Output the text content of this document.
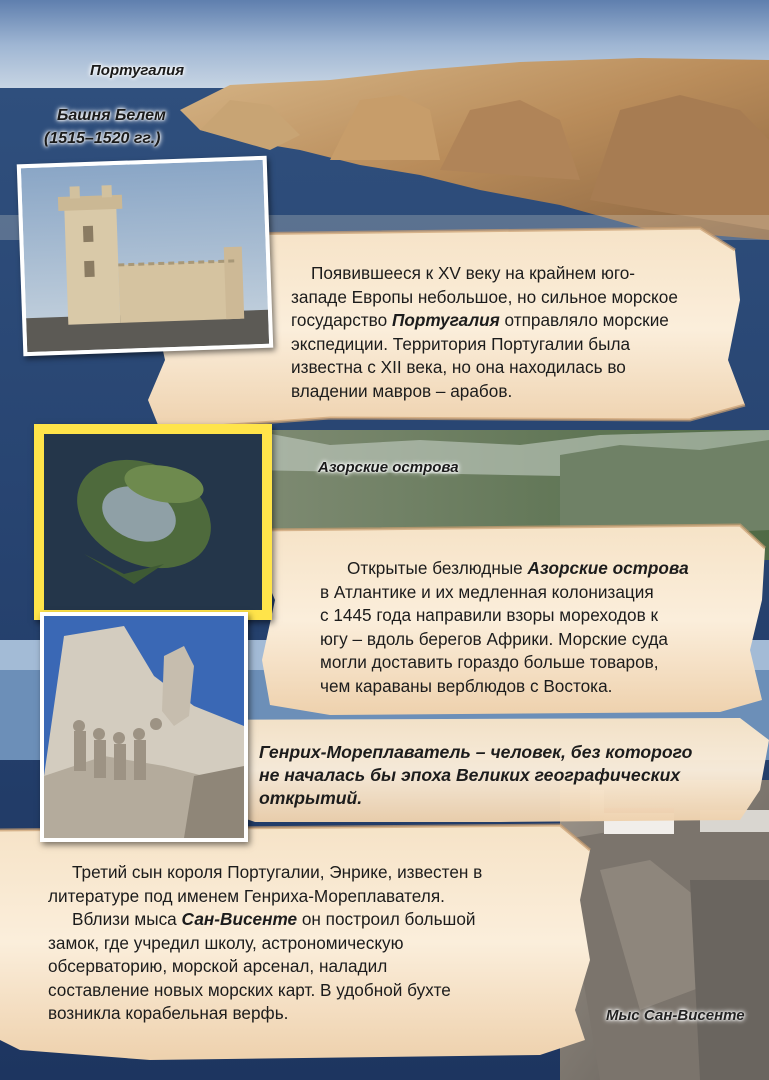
Португалия
Башня Белем
(1515–1520 гг.)
Азорские острова
Мыс Сан-Висенте
Появившееся к XV веку на крайнем юго-
западе Европы небольшое, но сильное морское
государство Португалия отправляло морские
экспедиции. Территория Португалии была
известна с XII века, но она находилась во
владении мавров – арабов.
Открытые безлюдные Азорские острова
в Атлантике и их медленная колонизация
с 1445 года направили взоры мореходов к
югу – вдоль берегов Африки. Морские суда
могли доставить гораздо больше товаров,
чем караваны верблюдов с Востока.
Генрих-Мореплаватель – человек, без которого
не началась бы эпоха Великих географических
открытий.
Третий сын короля Португалии, Энрике, известен в
литературе под именем Генриха-Мореплавателя.
Вблизи мыса Сан-Висенте он построил большой
замок, где учредил школу, астрономическую
обсерваторию, морской арсенал, наладил
составление новых морских карт. В удобной бухте
возникла корабельная верфь.
